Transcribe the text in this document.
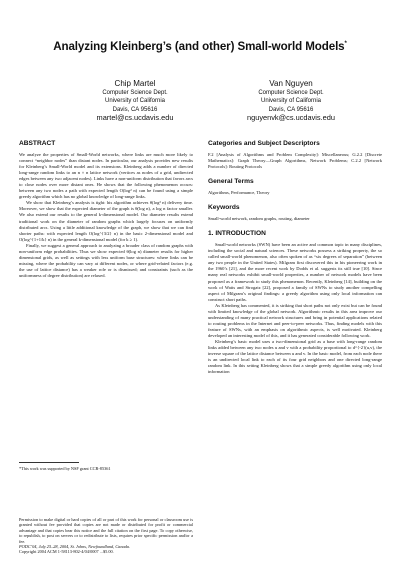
Analyzing Kleinberg’s (and other) Small-world Models*
Chip Martel
Computer Science Dept.
University of California
Davis, CA 95616
martel@cs.ucdavis.edu
Van Nguyen
Computer Science Dept.
University of California
Davis, CA 95616
nguyenvk@cs.ucdavis.edu
ABSTRACT

We analyze the properties of Small-World networks, where links are much more likely to connect “neighbor nodes” than distant nodes. In particular, our analysis provides new results for Kleinberg’s Small-World model and its extensions. Kleinberg adds a number of directed long-range random links to an n × n lattice network (vertices as nodes of a grid, undirected edges between any two adjacent nodes). Links have a non-uniform distribution that favors arcs to close nodes over more distant ones. He shows that the following phenomenon occurs: between any two nodes a path with expected length O(log² n) can be found using a simple greedy algorithm which has no global knowledge of long-range links.

We show that Kleinberg’s analysis is tight: his algorithm achieves θ(log² n) delivery time. Moreover, we show that the expected diameter of the graph is θ(log n), a log n factor smaller. We also extend our results to the general k-dimensional model. Our diameter results extend traditional work on the diameter of random graphs which largely focuses on uniformly distributed arcs. Using a little additional knowledge of the graph, we show that we can find shorter paths: with expected length O(log^{3/2} n) in the basic 2-dimensional model and O(log^{1+1/k} n) in the general k-dimensional model (for k ≥ 1).

Finally, we suggest a general approach to analyzing a broader class of random graphs with non-uniform edge probabilities. Thus we show expected θ(log n) diameter results for higher dimensional grids, as well as settings with less uniform base structures: where links can be missing, where the probability can vary at different nodes, or where grid-related factors (e.g. the use of lattice distance) has a weaker role or is dismissed; and constraints (such as the uniformness of degree distribution) are relaxed.

*This work was supported by NSF grant CCR-85361
Permission to make digital or hard copies of all or part of this work for personal or classroom use is granted without fee provided that copies are not made or distributed for profit or commercial advantage and that copies bear this notice and the full citation on the first page. To copy otherwise, to republish, to post on servers or to redistribute to lists, requires prior specific permission and/or a fee.
PODC’04, July 25–28, 2004, St. Johns, Newfoundland, Canada.
Copyright 2004 ACM 1-58113-802-4/04/0007 ...$5.00.
Categories and Subject Descriptors

F.2 [Analysis of Algorithms and Problem Complexity]: Miscellaneous; G.2.2 [Discrete Mathematics]: Graph Theory—Graph Algorithms, Network Problems; C.2.2 [Network Protocols]: Routing Protocols

General Terms

Algorithms, Performance, Theory

Keywords

Small-world network, random graphs, routing, diameter

1. INTRODUCTION

Small-world networks (SWN) have been an active and common topic in many disciplines, including the social and natural sciences. These networks possess a striking property, the so called small-world phenomenon, also often spoken of as “six degrees of separation” (between any two people in the United States). Milgram first discovered this in his pioneering work in the 1960’s [21], and the more recent work by Dodds et al. suggests its still true [10]. Since many real networks exhibit small-world properties, a number of network models have been proposed as a framework to study this phenomenon. Recently, Kleinberg [14], building on the work of Watts and Strogatz [22], proposed a family of SWNs to study another compelling aspect of Milgram’s original findings: a greedy algorithm using only local information can construct short paths.

As Kleinberg has commented, it is striking that short paths not only exist but can be found with limited knowledge of the global network. Algorithmic results in this area improve our understanding of many practical network structures and bring in potential applications related to routing problems in the Internet and peer-to-peer networks. Thus, finding models with this feature of SWNs, with an emphasis on algorithmic aspects, is well motivated. Kleinberg developed an interesting model of this, and it has generated considerable following work.

Kleinberg’s basic model uses a two-dimensional grid as a base with long-range random links added between any two nodes u and v with a probability proportional to d^{-2}(u,v), the inverse square of the lattice distance between u and v. In the basic model, from each node there is an undirected local link to each of its four grid neighbors and one directed long-range random link. In this setting Kleinberg shows that a simple greedy algorithm using only local information
